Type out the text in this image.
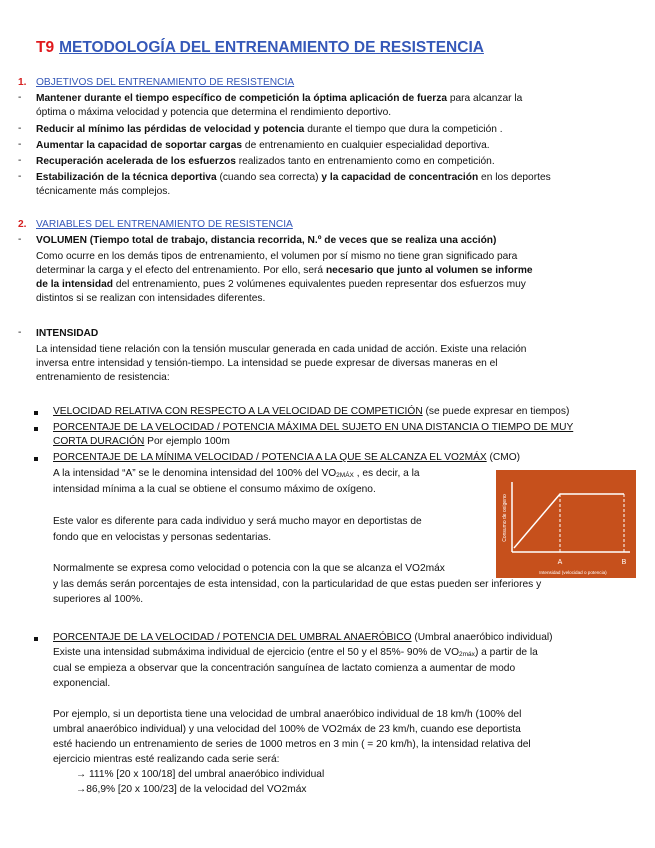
T9 METODOLOGÍA DEL ENTRENAMIENTO DE RESISTENCIA
1. OBJETIVOS DEL ENTRENAMIENTO DE RESISTENCIA
- Mantener durante el tiempo específico de competición la óptima aplicación de fuerza para alcanzar la
óptima o máxima velocidad y potencia que determina el rendimiento deportivo.
- Reducir al mínimo las pérdidas de velocidad y potencia durante el tiempo que dura la competición .
- Aumentar la capacidad de soportar cargas de entrenamiento en cualquier especialidad deportiva.
- Recuperación acelerada de los esfuerzos realizados tanto en entrenamiento como en competición.
- Estabilización de la técnica deportiva (cuando sea correcta) y la capacidad de concentración en los deportes
técnicamente más complejos.
2. VARIABLES DEL ENTRENAMIENTO DE RESISTENCIA
- VOLUMEN (Tiempo total de trabajo, distancia recorrida, N.º de veces que se realiza una acción)
Como ocurre en los demás tipos de entrenamiento, el volumen por sí mismo no tiene gran significado para
determinar la carga y el efecto del entrenamiento. Por ello, será necesario que junto al volumen se informe
de la intensidad del entrenamiento, pues 2 volúmenes equivalentes pueden representar dos esfuerzos muy
distintos si se realizan con intensidades diferentes.
- INTENSIDAD
La intensidad tiene relación con la tensión muscular generada en cada unidad de acción. Existe una relación
inversa entre intensidad y tensión-tiempo. La intensidad se puede expresar de diversas maneras en el
entrenamiento de resistencia:
VELOCIDAD RELATIVA CON RESPECTO A LA VELOCIDAD DE COMPETICIÓN (se puede expresar en tiempos)
PORCENTAJE DE LA VELOCIDAD / POTENCIA MÁXIMA DEL SUJETO EN UNA DISTANCIA O TIEMPO DE MUY
CORTA DURACIÓN Por ejemplo 100m
PORCENTAJE DE LA MÍNIMA VELOCIDAD / POTENCIA A LA QUE SE ALCANZA EL VO2MÁX (CMO)
A la intensidad “A” se le denomina intensidad del 100% del $VO_{2MÁX}$ , es decir, a la
intensidad mínima a la cual se obtiene el consumo máximo de oxígeno.
Este valor es diferente para cada individuo y será mucho mayor en deportistas de
fondo que en velocistas y personas sedentarias.
Normalmente se expresa como velocidad o potencia con la que se alcanza el VO2máx
y las demás serán porcentajes de esta intensidad, con la particularidad de que estas pueden ser inferiores y
superiores al 100%.
A	B
Intensidad (velocidad o potencia)
Consumo de oxígeno
PORCENTAJE DE LA VELOCIDAD / POTENCIA DEL UMBRAL ANAERÓBICO (Umbral anaeróbico individual)
Existe una intensidad submáxima individual de ejercicio (entre el 50 y el 85%- 90% de $VO_{2máx}$) a partir de la
cual se empieza a observar que la concentración sanguínea de lactato comienza a aumentar de modo
exponencial.
Por ejemplo, si un deportista tiene una velocidad de umbral anaeróbico individual de 18 km/h (100% del
umbral anaeróbico individual) y una velocidad del 100% de VO2máx de 23 km/h, cuando ese deportista
esté haciendo un entrenamiento de series de 1000 metros en 3 min ( = 20 km/h), la intensidad relativa del
ejercicio mientras esté realizando cada serie será:
→ 111% [20 x 100/18] del umbral anaeróbico individual
→86,9% [20 x 100/23] de la velocidad del VO2máx
